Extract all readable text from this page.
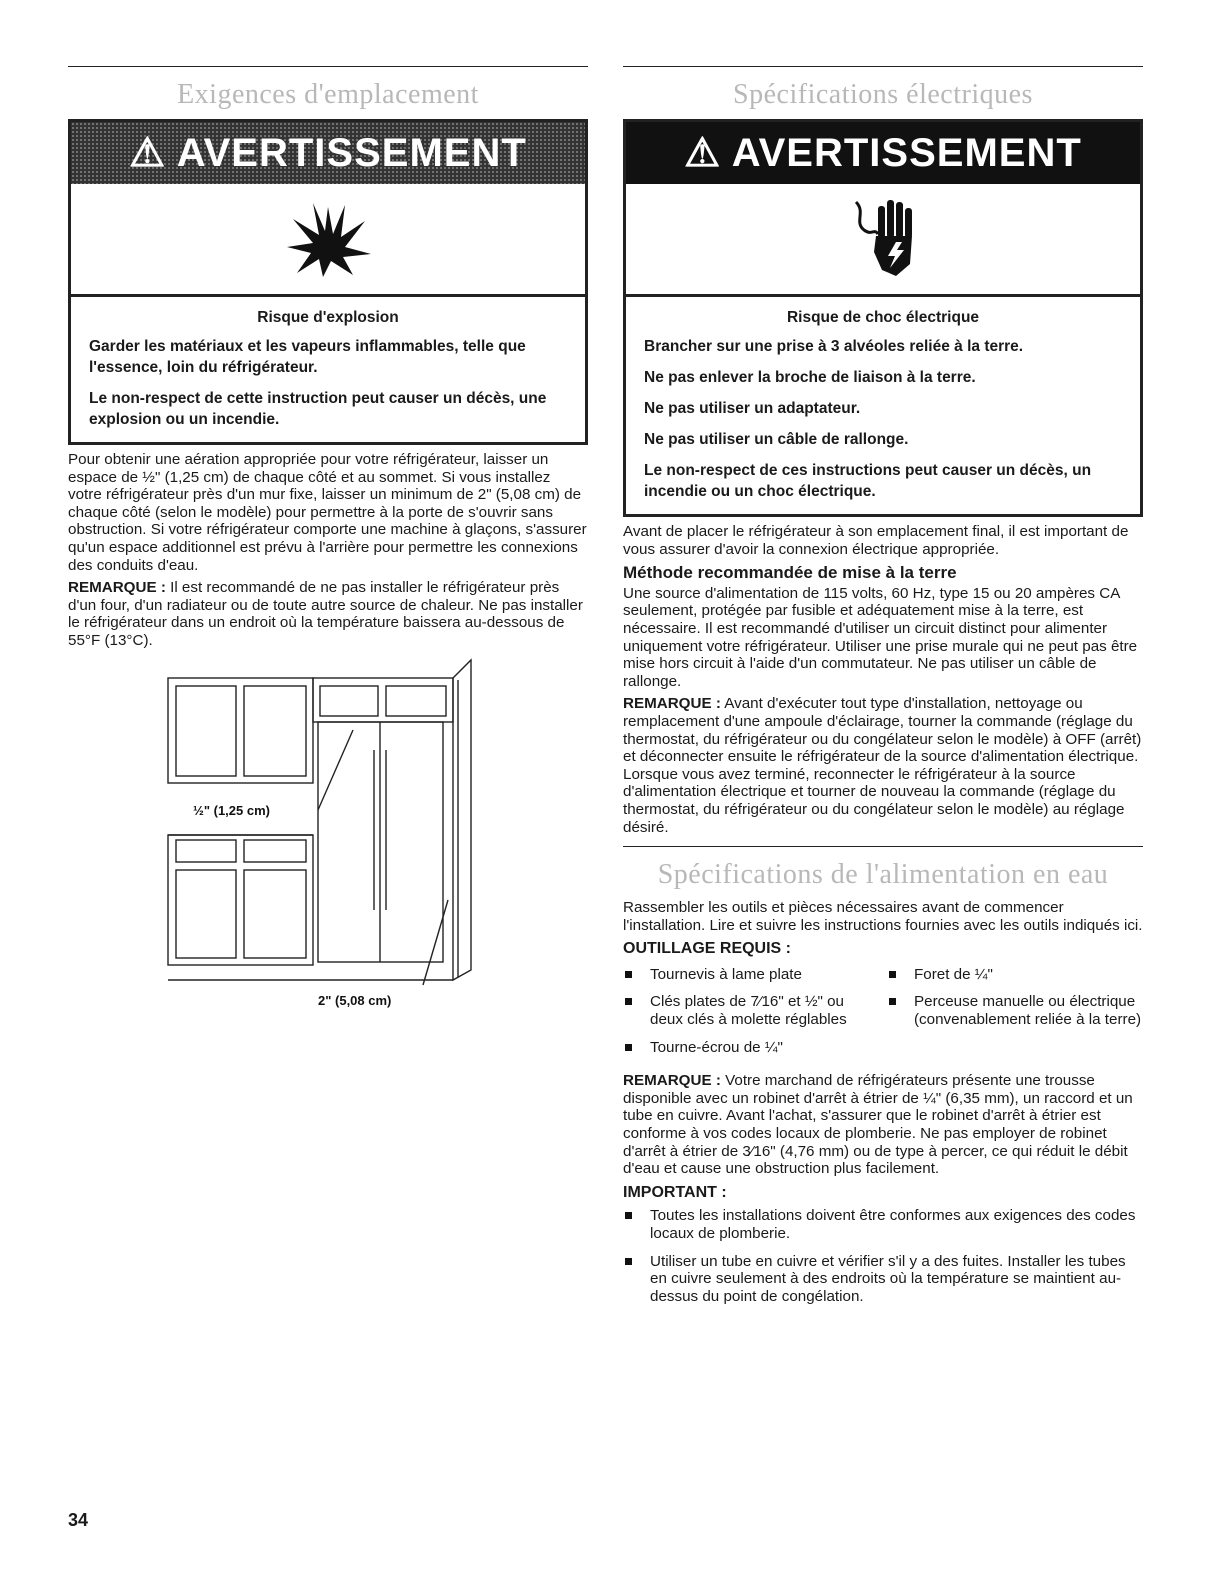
Exigences d'emplacement
⚠ AVERTISSEMENT
Risque d'explosion

Garder les matériaux et les vapeurs inflammables, telle que l'essence, loin du réfrigérateur.

Le non-respect de cette instruction peut causer un décès, une explosion ou un incendie.

Pour obtenir une aération appropriée pour votre réfrigérateur, laisser un espace de ½" (1,25 cm) de chaque côté et au sommet. Si vous installez votre réfrigérateur près d'un mur fixe, laisser un minimum de 2" (5,08 cm) de chaque côté (selon le modèle) pour permettre à la porte de s'ouvrir sans obstruction. Si votre réfrigérateur comporte une machine à glaçons, s'assurer qu'un espace additionnel est prévu à l'arrière pour permettre les connexions des conduits d'eau.

REMARQUE : Il est recommandé de ne pas installer le réfrigérateur près d'un four, d'un radiateur ou de toute autre source de chaleur. Ne pas installer le réfrigérateur dans un endroit où la température baissera au-dessous de 55°F (13°C).

½" (1,25 cm)
2" (5,08 cm)
Spécifications électriques
⚠ AVERTISSEMENT
Risque de choc électrique

Brancher sur une prise à 3 alvéoles reliée à la terre.

Ne pas enlever la broche de liaison à la terre.

Ne pas utiliser un adaptateur.

Ne pas utiliser un câble de rallonge.

Le non-respect de ces instructions peut causer un décès, un incendie ou un choc électrique.

Avant de placer le réfrigérateur à son emplacement final, il est important de vous assurer d'avoir la connexion électrique appropriée.

Méthode recommandée de mise à la terre

Une source d'alimentation de 115 volts, 60 Hz, type 15 ou 20 ampères CA seulement, protégée par fusible et adéquatement mise à la terre, est nécessaire. Il est recommandé d'utiliser un circuit distinct pour alimenter uniquement votre réfrigérateur. Utiliser une prise murale qui ne peut pas être mise hors circuit à l'aide d'un commutateur. Ne pas utiliser un câble de rallonge.

REMARQUE : Avant d'exécuter tout type d'installation, nettoyage ou remplacement d'une ampoule d'éclairage, tourner la commande (réglage du thermostat, du réfrigérateur ou du congélateur selon le modèle) à OFF (arrêt) et déconnecter ensuite le réfrigérateur de la source d'alimentation électrique. Lorsque vous avez terminé, reconnecter le réfrigérateur à la source d'alimentation électrique et tourner de nouveau la commande (réglage du thermostat, du réfrigérateur ou du congélateur selon le modèle) au réglage désiré.

Spécifications de l'alimentation en eau

Rassembler les outils et pièces nécessaires avant de commencer l'installation. Lire et suivre les instructions fournies avec les outils indiqués ici.

OUTILLAGE REQUIS :
Tournevis à lame plate
Clés plates de 7⁄16" et ½" ou deux clés à molette réglables
Tourne-écrou de ¼"
Foret de ¼"
Perceuse manuelle ou électrique (convenablement reliée à la terre)

REMARQUE : Votre marchand de réfrigérateurs présente une trousse disponible avec un robinet d'arrêt à étrier de ¼" (6,35 mm), un raccord et un tube en cuivre. Avant l'achat, s'assurer que le robinet d'arrêt à étrier est conforme à vos codes locaux de plomberie. Ne pas employer de robinet d'arrêt à étrier de 3⁄16" (4,76 mm) ou de type à percer, ce qui réduit le débit d'eau et cause une obstruction plus facilement.

IMPORTANT :
Toutes les installations doivent être conformes aux exigences des codes locaux de plomberie.
Utiliser un tube en cuivre et vérifier s'il y a des fuites. Installer les tubes en cuivre seulement à des endroits où la température se maintient au-dessus du point de congélation.
34
